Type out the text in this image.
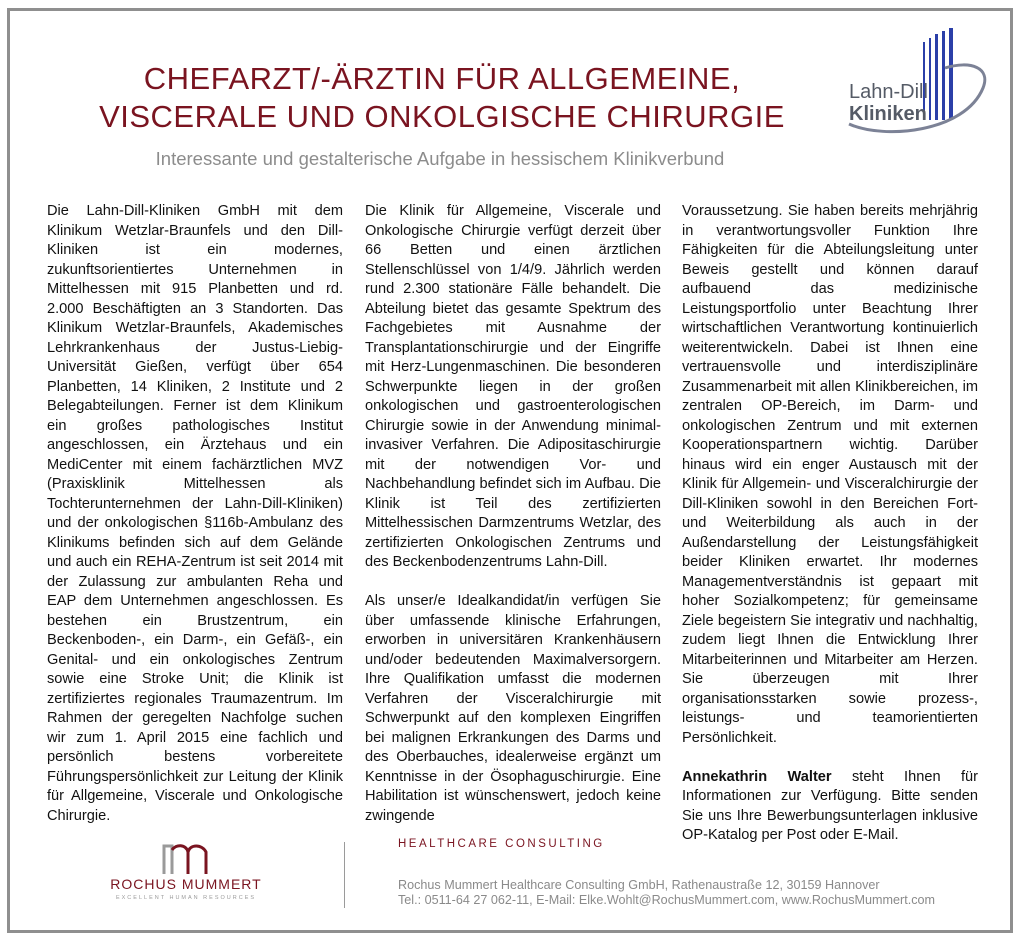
CHEFARZT/-ÄRZTIN FÜR ALLGEMEINE,
VISCERALE UND ONKOLGISCHE CHIRURGIE

Interessante und gestalterische Aufgabe in hessischem Klinikverbund

Lahn-Dill
Kliniken

Die Lahn-Dill-Kliniken GmbH mit dem Klinikum Wetzlar-Braunfels und den Dill-Kliniken ist ein modernes, zukunftsorientiertes Unternehmen in Mittelhessen mit 915 Planbetten und rd. 2.000 Beschäftigten an 3 Standorten. Das Klinikum Wetzlar-Braunfels, Akademisches Lehrkrankenhaus der Justus-Liebig-Universität Gießen, verfügt über 654 Planbetten, 14 Kliniken, 2 Institute und 2 Belegabteilungen. Ferner ist dem Klinikum ein großes pathologisches Institut angeschlossen, ein Ärztehaus und ein MediCenter mit einem fachärztlichen MVZ (Praxisklinik Mittelhessen als Tochterunternehmen der Lahn-Dill-Kliniken) und der onkologischen §116b-Ambulanz des Klinikums befinden sich auf dem Gelände und auch ein REHA-Zentrum ist seit 2014 mit der Zulassung zur ambulanten Reha und EAP dem Unternehmen angeschlossen. Es bestehen ein Brustzentrum, ein Beckenboden-, ein Darm-, ein Gefäß-, ein Genital- und ein onkologisches Zentrum sowie eine Stroke Unit; die Klinik ist zertifiziertes regionales Traumazentrum. Im Rahmen der geregelten Nachfolge suchen wir zum 1. April 2015 eine fachlich und persönlich bestens vorbereitete Führungspersönlichkeit zur Leitung der Klinik für Allgemeine, Viscerale und Onkologische Chirurgie.

Die Klinik für Allgemeine, Viscerale und Onkologische Chirurgie verfügt derzeit über 66 Betten und einen ärztlichen Stellenschlüssel von 1/4/9. Jährlich werden rund 2.300 stationäre Fälle behandelt. Die Abteilung bietet das gesamte Spektrum des Fachgebietes mit Ausnahme der Transplantationschirurgie und der Eingriffe mit Herz-Lungenmaschinen. Die besonderen Schwerpunkte liegen in der großen onkologischen und gastroenterologischen Chirurgie sowie in der Anwendung minimal-invasiver Verfahren. Die Adipositaschirurgie mit der notwendigen Vor- und Nachbehandlung befindet sich im Aufbau. Die Klinik ist Teil des zertifizierten Mittelhessischen Darmzentrums Wetzlar, des zertifizierten Onkologischen Zentrums und des Beckenbodenzentrums Lahn-Dill.

Als unser/e Idealkandidat/in verfügen Sie über umfassende klinische Erfahrungen, erworben in universitären Krankenhäusern und/oder bedeutenden Maximalversorgern. Ihre Qualifikation umfasst die modernen Verfahren der Visceralchirurgie mit Schwerpunkt auf den komplexen Eingriffen bei malignen Erkrankungen des Darms und des Oberbauches, idealerweise ergänzt um Kenntnisse in der Ösophaguschirurgie. Eine Habilitation ist wünschenswert, jedoch keine zwingende

Voraussetzung. Sie haben bereits mehrjährig in verantwortungsvoller Funktion Ihre Fähigkeiten für die Abteilungsleitung unter Beweis gestellt und können darauf aufbauend das medizinische Leistungsportfolio unter Beachtung Ihrer wirtschaftlichen Verantwortung kontinuierlich weiterentwickeln. Dabei ist Ihnen eine vertrauensvolle und interdisziplinäre Zusammenarbeit mit allen Klinikbereichen, im zentralen OP-Bereich, im Darm- und onkologischen Zentrum und mit externen Kooperationspartnern wichtig. Darüber hinaus wird ein enger Austausch mit der Klinik für Allgemein- und Visceralchirurgie der Dill-Kliniken sowohl in den Bereichen Fort- und Weiterbildung als auch in der Außendarstellung der Leistungsfähigkeit beider Kliniken erwartet. Ihr modernes Managementverständnis ist gepaart mit hoher Sozialkompetenz; für gemeinsame Ziele begeistern Sie integrativ und nachhaltig, zudem liegt Ihnen die Entwicklung Ihrer Mitarbeiterinnen und Mitarbeiter am Herzen. Sie überzeugen mit Ihrer organisationsstarken sowie prozess-, leistungs- und teamorientierten Persönlichkeit.

Annekathrin Walter steht Ihnen für Informationen zur Verfügung. Bitte senden Sie uns Ihre Bewerbungsunterlagen inklusive OP-Katalog per Post oder E-Mail.

ROCHUS MUMMERT
EXCELLENT HUMAN RESOURCES

HEALTHCARE CONSULTING

Rochus Mummert Healthcare Consulting GmbH, Rathenaustraße 12, 30159 Hannover
Tel.: 0511-64 27 062-11, E-Mail: Elke.Wohlt@RochusMummert.com, www.RochusMummert.com
